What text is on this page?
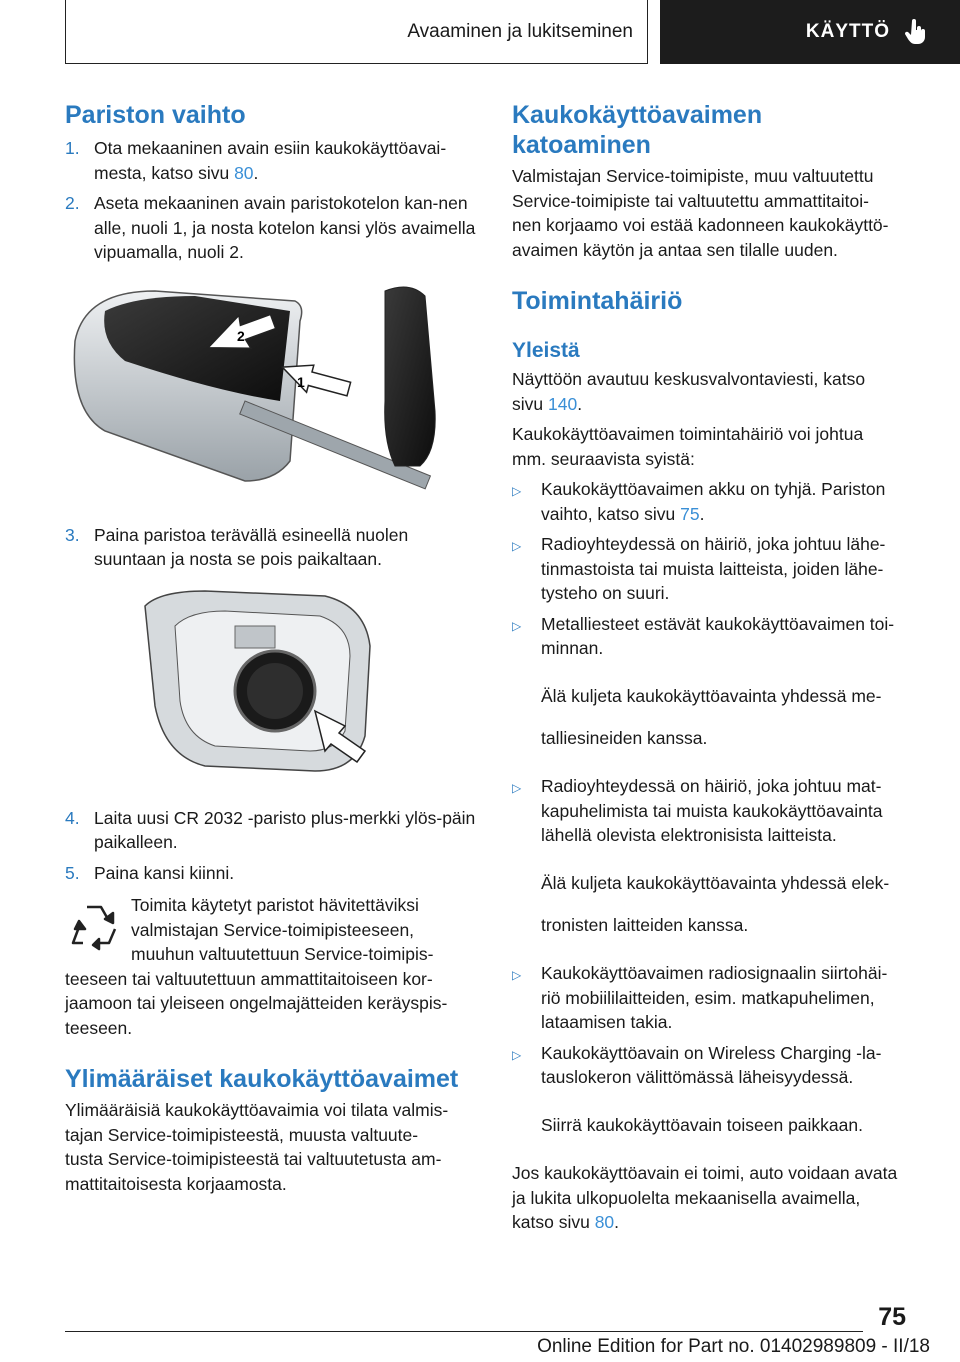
Avaaminen ja lukitseminen	KÄYTTÖ
Pariston vaihto
1. Ota mekaaninen avain esiin kaukokäyttöavai-mesta, katso sivu 80.
2. Aseta mekaaninen avain paristokotelon kan-nen alle, nuoli 1, ja nosta kotelon kansi ylös avaimella vipuamalla, nuoli 2.
2
1
3. Paina paristoa terävällä esineellä nuolen suuntaan ja nosta se pois paikaltaan.
4. Laita uusi CR 2032 -paristo plus-merkki ylös-päin paikalleen.
5. Paina kansi kiinni.

Toimita käytetyt paristot hävitettäviksi

valmistajan Service-toimipisteeseen,

muuhun valtuutettuun Service-toimipis-

teeseen tai valtuutettuun ammattitaitoiseen kor-

jaamoon tai yleiseen ongelmajätteiden keräyspis-

teeseen.

Ylimääräiset kaukokäyttöavaimet

Ylimääräisiä kaukokäyttöavaimia voi tilata valmis-

tajan Service-toimipisteestä, muusta valtuute-

tusta Service-toimipisteestä tai valtuutetusta am-

mattitaitoisesta korjaamosta.

Kaukokäyttöavaimen
katoaminen

Valmistajan Service-toimipiste, muu valtuutettu

Service-toimipiste tai valtuutettu ammattitaitoi-

nen korjaamo voi estää kadonneen kaukokäyttö-

avaimen käytön ja antaa sen tilalle uuden.

Toimintahäiriö
Yleistä

Näyttöön avautuu keskusvalvontaviesti, katso

sivu 140.

Kaukokäyttöavaimen toimintahäiriö voi johtua

mm. seuraavista syistä:

▷	Kaukokäyttöavaimen akku on tyhjä. Pariston

vaihto, katso sivu 75.

▷	Radioyhteydessä on häiriö, joka johtuu lähe-

tinmastoista tai muista laitteista, joiden lähe-

tysteho on suuri.

▷	Metalliesteet estävät kaukokäyttöavaimen toi-

minnan.

Älä kuljeta kaukokäyttöavainta yhdessä me-

talliesineiden kanssa.

▷	Radioyhteydessä on häiriö, joka johtuu mat-

kapuhelimista tai muista kaukokäyttöavainta

lähellä olevista elektronisista laitteista.

Älä kuljeta kaukokäyttöavainta yhdessä elek-

tronisten laitteiden kanssa.

▷	Kaukokäyttöavaimen radiosignaalin siirtohäi-

riö mobiililaitteiden, esim. matkapuhelimen,

lataamisen takia.

▷	Kaukokäyttöavain on Wireless Charging -la-

tauslokeron välittömässä läheisyydessä.

Siirrä kaukokäyttöavain toiseen paikkaan.

Jos kaukokäyttöavain ei toimi, auto voidaan avata

ja lukita ulkopuolelta mekaanisella avaimella,

katso sivu 80.

75
Online Edition for Part no. 01402989809 - II/18
